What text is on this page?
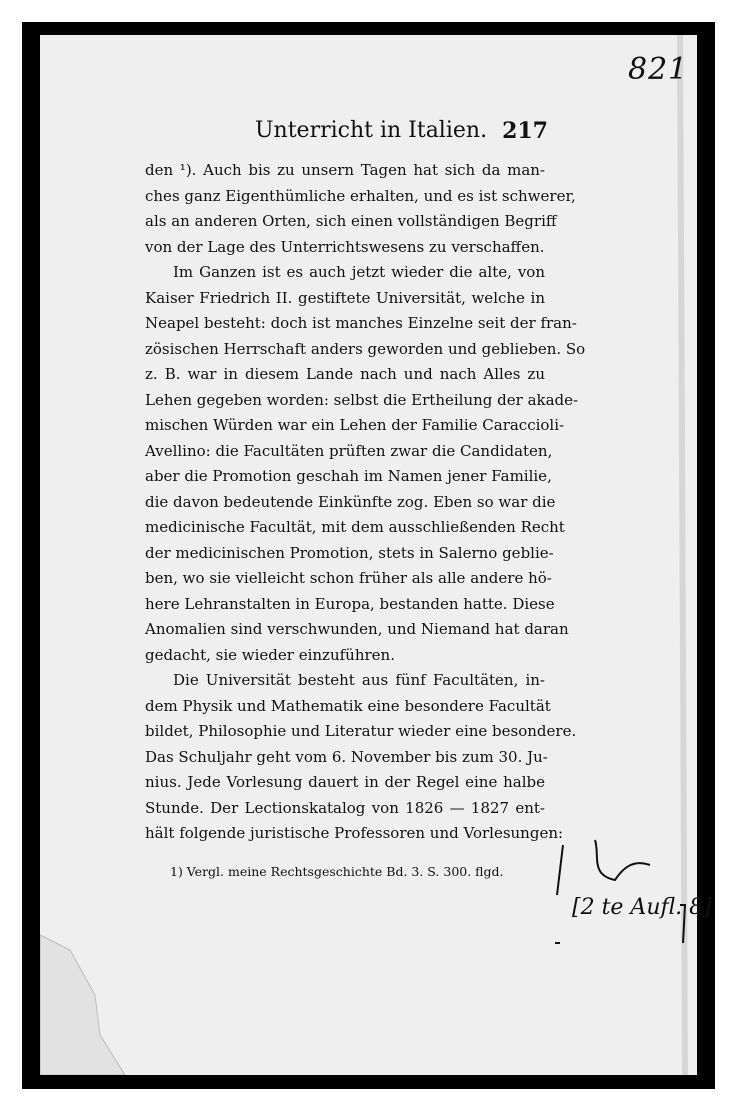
821
Unterricht in Italien. 217
den ¹). Auch bis zu unsern Tagen hat sich da man-
ches ganz Eigenthümliche erhalten, und es ist schwerer,
als an anderen Orten, sich einen vollständigen Begriff
von der Lage des Unterrichtswesens zu verschaffen.
Im Ganzen ist es auch jetzt wieder die alte, von
Kaiser Friedrich II. gestiftete Universität, welche in
Neapel besteht: doch ist manches Einzelne seit der fran-
zösischen Herrschaft anders geworden und geblieben. So
z. B. war in diesem Lande nach und nach Alles zu
Lehen gegeben worden: selbst die Ertheilung der akade-
mischen Würden war ein Lehen der Familie Caraccioli-
Avellino: die Facultäten prüften zwar die Candidaten,
aber die Promotion geschah im Namen jener Familie,
die davon bedeutende Einkünfte zog. Eben so war die
medicinische Facultät, mit dem ausschließenden Recht
der medicinischen Promotion, stets in Salerno geblie-
ben, wo sie vielleicht schon früher als alle andere hö-
here Lehranstalten in Europa, bestanden hatte. Diese
Anomalien sind verschwunden, und Niemand hat daran
gedacht, sie wieder einzuführen.
Die Universität besteht aus fünf Facultäten, in-
dem Physik und Mathematik eine besondere Facultät
bildet, Philosophie und Literatur wieder eine besondere.
Das Schuljahr geht vom 6. November bis zum 30. Ju-
nius. Jede Vorlesung dauert in der Regel eine halbe
Stunde. Der Lectionskatalog von 1826 — 1827 ent-
hält folgende juristische Professoren und Vorlesungen:
1) Vergl. meine Rechtsgeschichte Bd. 3. S. 300. flgd.
[2 te Aufl. 8]
